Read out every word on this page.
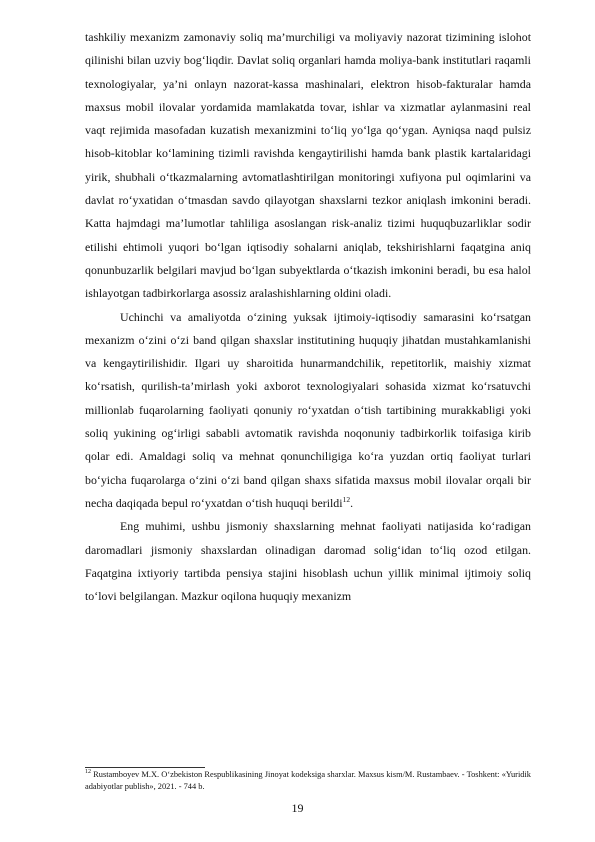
tashkiliy mexanizm zamonaviy soliq ma’murchiligi va moliyaviy nazorat tizimining islohot qilinishi bilan uzviy bog‘liqdir. Davlat soliq organlari hamda moliya-bank institutlari raqamli texnologiyalar, ya’ni onlayn nazorat-kassa mashinalari, elektron hisob-fakturalar hamda maxsus mobil ilovalar yordamida mamlakatda tovar, ishlar va xizmatlar aylanmasini real vaqt rejimida masofadan kuzatish mexanizmini to‘liq yo‘lga qo‘ygan. Ayniqsa naqd pulsiz hisob-kitoblar ko‘lamining tizimli ravishda kengaytirilishi hamda bank plastik kartalaridagi yirik, shubhali o‘tkazmalarning avtomatlashtirilgan monitoringi xufiyona pul oqimlarini va davlat ro‘yxatidan o‘tmasdan savdo qilayotgan shaxslarni tezkor aniqlash imkonini beradi. Katta hajmdagi ma’lumotlar tahliliga asoslangan risk-analiz tizimi huquqbuzarliklar sodir etilishi ehtimoli yuqori bo‘lgan iqtisodiy sohalarni aniqlab, tekshirishlarni faqatgina aniq qonunbuzarlik belgilari mavjud bo‘lgan subyektlarda o‘tkazish imkonini beradi, bu esa halol ishlayotgan tadbirkorlarga asossiz aralashishlarning oldini oladi.

Uchinchi va amaliyotda o‘zining yuksak ijtimoiy-iqtisodiy samarasini ko‘rsatgan mexanizm o‘zini o‘zi band qilgan shaxslar institutining huquqiy jihatdan mustahkamlanishi va kengaytirilishidir. Ilgari uy sharoitida hunarmandchilik, repetitorlik, maishiy xizmat ko‘rsatish, qurilish-ta’mirlash yoki axborot texnologiyalari sohasida xizmat ko‘rsatuvchi millionlab fuqarolarning faoliyati qonuniy ro‘yxatdan o‘tish tartibining murakkabligi yoki soliq yukining og‘irligi sababli avtomatik ravishda noqonuniy tadbirkorlik toifasiga kirib qolar edi. Amaldagi soliq va mehnat qonunchiligiga ko‘ra yuzdan ortiq faoliyat turlari bo‘yicha fuqarolarga o‘zini o‘zi band qilgan shaxs sifatida maxsus mobil ilovalar orqali bir necha daqiqada bepul ro‘yxatdan o‘tish huquqi berildi$^{12}$.

Eng muhimi, ushbu jismoniy shaxslarning mehnat faoliyati natijasida ko‘radigan daromadlari jismoniy shaxslardan olinadigan daromad solig‘idan to‘liq ozod etilgan. Faqatgina ixtiyoriy tartibda pensiya stajini hisoblash uchun yillik minimal ijtimoiy soliq to‘lovi belgilangan. Mazkur oqilona huquqiy mexanizm

$^{12}$ Rustamboyev M.X. O‘zbekiston Respublikasining Jinoyat kodeksiga sharxlar. Maxsus kism/M. Rustambaev. - Toshkent: «Yuridik adabiyotlar publish», 2021. - 744 b.

19
